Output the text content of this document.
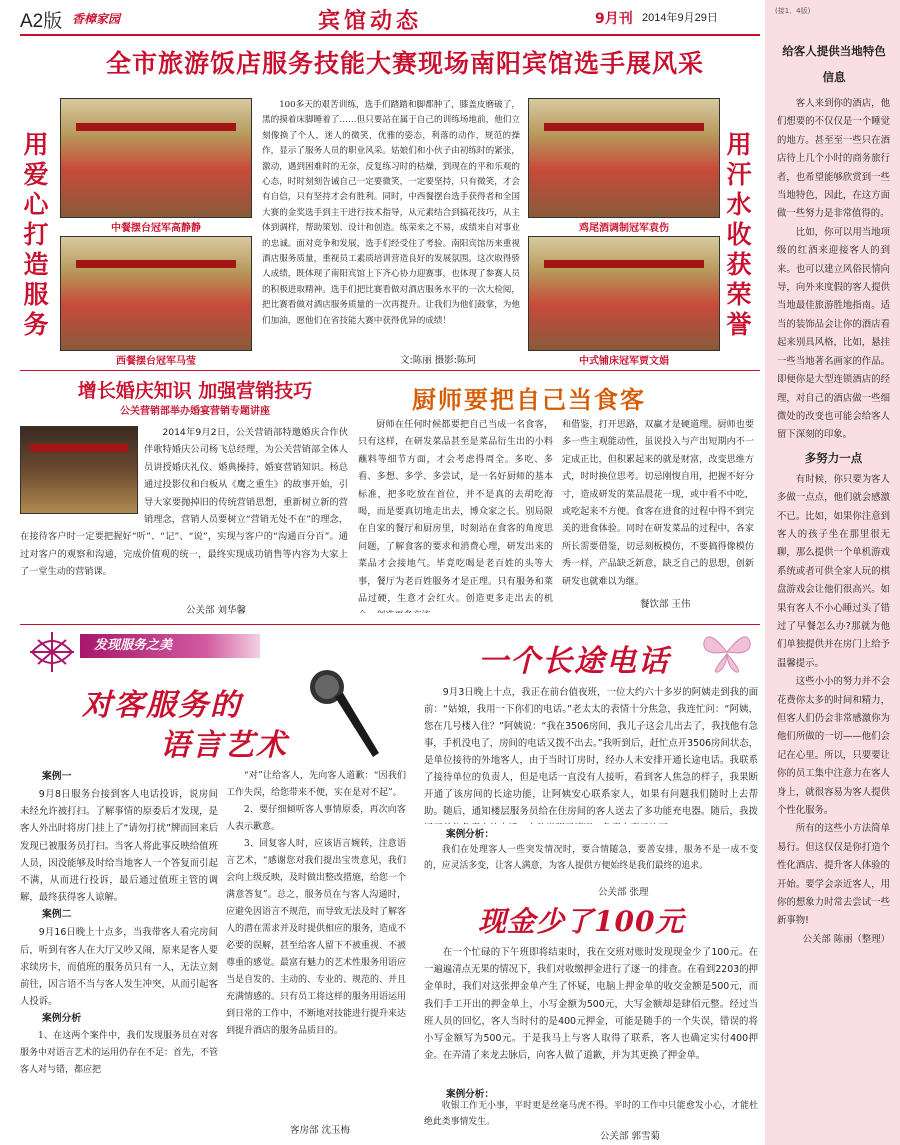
A2版 香樟家园	宾馆动态	9月刊 2014年9月29日
(接1、4版)
给客人提供当地特色信息

客人来到你的酒店，他们想要的不仅仅是一个睡觉的地方。甚至至一些只在酒店待上几个小时的商务旅行者，也希望能够欣赏到一些当地特色，因此，在这方面做一些努力是非常值得的。

比如，你可以用当地项级的红酒来迎接客人的到来。也可以建立风俗民情向导，向外来度假的客人提供当地最佳旅游胜地指南。适当的装饰品会让你的酒店看起来别具风格，比如，悬挂一些当地著名画家的作品。即便你是大型连锁酒店的经理，对自己的酒店做一些细微处的改变也可能会给客人留下深刻的印象。

多努力一点

有时候，你只要为客人多做一点点，他们就会感激不已。比如，如果你注意到客人的孩子坐在那里很无聊，那么提供一个单机游戏系统或者可供全家人玩的棋盘游戏会让他们很高兴。如果有客人不小心睡过头了错过了早餐怎么办?那就为他们单独提供并在房门上给予温馨提示。

这些小小的努力并不会花费你太多的时间和精力，但客人们仍会非常感激你为他们所做的一切——他们会记在心里。所以，只要要让你的员工集中注意力在客人身上，就很容易为客人提供个性化服务。

所有的这些小方法简单易行。但这仅仅是你打造个性化酒店、提升客人体验的开始。要学会亲近客人，用你的想象力时常去尝试一些新事物!

公关部 陈丽（整理）
全市旅游饭店服务技能大赛现场南阳宾馆选手展风采
用爱心打造服务
用汗水收获荣誉
中餐摆台冠军高静静
西餐摆台冠军马莹
鸡尾酒调制冠军袁伤
中式铺床冠军贾文娟

100多天的艰苦训练，选手们踏踏和脚都肿了，膝盖皮磨破了，黑的摸着床脚睡着了……但只要站在属于自己的训练场地前，他们立刻像换了个人，迷人的微笑，优雅的姿态，利落的动作，规范的操作，显示了服务人员的职业风采。姑娘们和小伙子由初练时的紧张，激动，遇到困难时的无奈，反复练习时的枯燥，到现在的平和乐观的心态，时时刻刻告诫自己一定要微笑，一定要坚持，只有微笑，才会有自信，只有坚持才会有胜利。同时，中西餐摆台选手获得者和全国大赛的金奖选手到主干进行技术指导，从元素结合到搞花技巧，从主体到调样，帮助策划、设计和创造。练荣来之不易，成绩来自对事业的忠诚。面对竞争和发展，选手们经受住了考验。南阳宾馆历来重视酒店服务质量，重视员工素质培训营造良好的发展氛围。这次取得骄人成绩，既体现了南阳宾馆上下齐心协力迎赛事，也体现了参赛人员的积极进取精神。选手们把比赛看做对酒店服务水平的一次大检阅，把比赛看做对酒店服务质量的一次再提升。让我们为他们鼓掌，为他们加油，愿他们在省技能大赛中获得优异的成绩！

文:陈丽 摄影:陈珂
增长婚庆知识 加强营销技巧
公关营销部举办婚宴营销专题讲座

2014年9月2日，公关营销部特邀婚庆合作伙伴歌特婚庆公司杨飞总经理，为公关营销部全体人员讲授婚庆礼仪、婚典操持、婚宴营销知识。杨总通过投影仪和白板从《鹰之重生》的故事开始，引导大家要抛掉旧的传统营销思想，重新树立新的营销理念，营销人员要树立“营销无处不在”的理念，在接待客户时一定要把握好“听”、“记”、“说”，实现与客户的“沟通百分百”。通过对客户的观察和沟通，完成价值观的统一，最终实现成功销售等内容为大家上了一堂生动的营销课。

公关部 刘华馨
厨师要把自己当食客

厨师在任何时候都要把自己当成一名食客，只有这样，在研发菜品甚至是菜品衍生出的小料蘸料等细节方面，才会考虑得周全。多吃、多看、多想、多学、多尝试，是一名好厨师的基本标准，把多吃放在首位，并不是真的去胡吃海喝，而是要真切地走出去，博众家之长。别局限在自家的餐厅和厨房里，时刻站在食客的角度思问题，了解食客的要求和消费心理，研发出来的菜品才会接地气。毕竟吃喝是老百姓的头等大事，餐厅为老百姓服务才是正理。只有服务和菜品过硬，生意才会红火。创造更多走出去的机

和借鉴，打开思路，双赢才是硬道理。厨师也要多一些主观能动性，虽说投入与产出短期内不一定成正比，但积累起来的就是财富，改变思维方式，时时换位思考。切忌刚愎自用，把握不好分寸，造成研发的菜品晨花一现，或中看不中吃，或吃起来不方便。食客在进食的过程中得不到完美的进食体验。同时在研发菜品的过程中，各家所长需要借鉴，切忌刻板模仿，不要搞得像模仿秀一样，产品缺乏新意，缺乏自己的思想，创新研发也就难以为继。

餐饮部 王伟
发现服务之美
对客服务的
语言艺术
案例一

9月8日服务台接到客人电话投诉，说房间未经允许被打扫。了解事情的原委后才发现，是客人外出时将房门挂上了“请勿打扰”牌而回来后发现已被服务员打扫。当客人将此事反映给值班人员，因没能够及时给当地客人一个答复而引起不满，从而进行投诉，最后通过值班主管的调解，最终获得客人谅解。

案例二

9月16日晚上十点多，当我带客人看完房间后，听到有客人在大厅又吵又闹，原来是客人要求续房卡，而值班的服务员只有一人，无法立刻前往，因言语不当与客人发生冲突，从而引起客人投诉。

案例分析

1、在这两个案件中，我们发现服务员在对客服务中对语言艺术的运用仍存在不足：首先，不管客人对与错，都应把

“对”让给客人，先向客人道歉：“因我们工作失误，给您带来不便，实在是对不起”。

2、要仔细倾听客人事情原委，再次向客人表示歉意。

3、回复客人时，应该语言婉转，注意语言艺术，“感谢您对我们提出宝贵意见，我们会向上级反映，及时做出整改措施，给您一个满意答复”。总之，服务员在与客人沟通时，应避免因语言不规范，而导致无法及时了解客人的潜在需求并及时提供相应的服务，造成不必要的误解，甚至给客人留下不被重视、不被尊重的感觉。最富有魅力的艺术性服务用语应当是自发的、主动的、专业的、规范的、并且充满情感的。只有员工将这样的服务用语运用到日常的工作中，不断地对技能进行提升来达到提升酒店的服务品质目的。

客房部 沈玉梅
一个长途电话

9月3日晚上十点，我正在前台值夜班，一位大约六十多岁的阿姨走到我的面前：“姑娘，我用一下你们的电话。”老太太的表情十分焦急，我连忙问：“阿姨，您在几号楼入住？”阿姨说：“我在3506房间，我儿子这会儿出去了，我找他有急事，手机没电了，房间的电话又拨不出去。”我听到后，赶忙点开3506房间状态，是单位接待的外地客人，由于当时订房时，经办人未安排开通长途电话。我联系了接待单位的负责人，但是电话一直没有人接听，看到客人焦急的样子，我果断开通了该房间的长途功能，让阿姨安心联系家人，如果有问题我们随时上去帮助。随后，通知楼层服务员给在住房间的客人送去了多功能充电器。随后，我拨

案例分析：

我们在处理客人一些突发情况时，要合情随急，要善安排，服务不是一成不变的，应灵活多变，让客人满意，为客人提供方便始终是我们最终的追求。

公关部 张理
现金少了100元

在一个忙碌的下午班即将结束时，我在交班对账时发现现金少了100元。在一遍遍清点无果的情况下，我们对收缴押金进行了逐一的排查。在看到2203的押金单时，我们对这张押金单产生了怀疑，电脑上押金单的收交金额是500元，而我们手工开出的押金单上，小写金额为500元，大写金额却是肆佰元整。经过当班人员的回忆，客人当时付的是400元押金，可能是随手的一个失误，错误的将小写金额写为500元。于是我马上与客人取得了联系，客人也确定实付400押金。在弄清了来龙去脉后，向客人做了道歉，并为其更换了押金单。

案例分析：

收银工作无小事，平时更是丝毫马虎不得。平时的工作中只能愈发小心，才能杜绝此类事情发生。

公关部 郭雪菊
